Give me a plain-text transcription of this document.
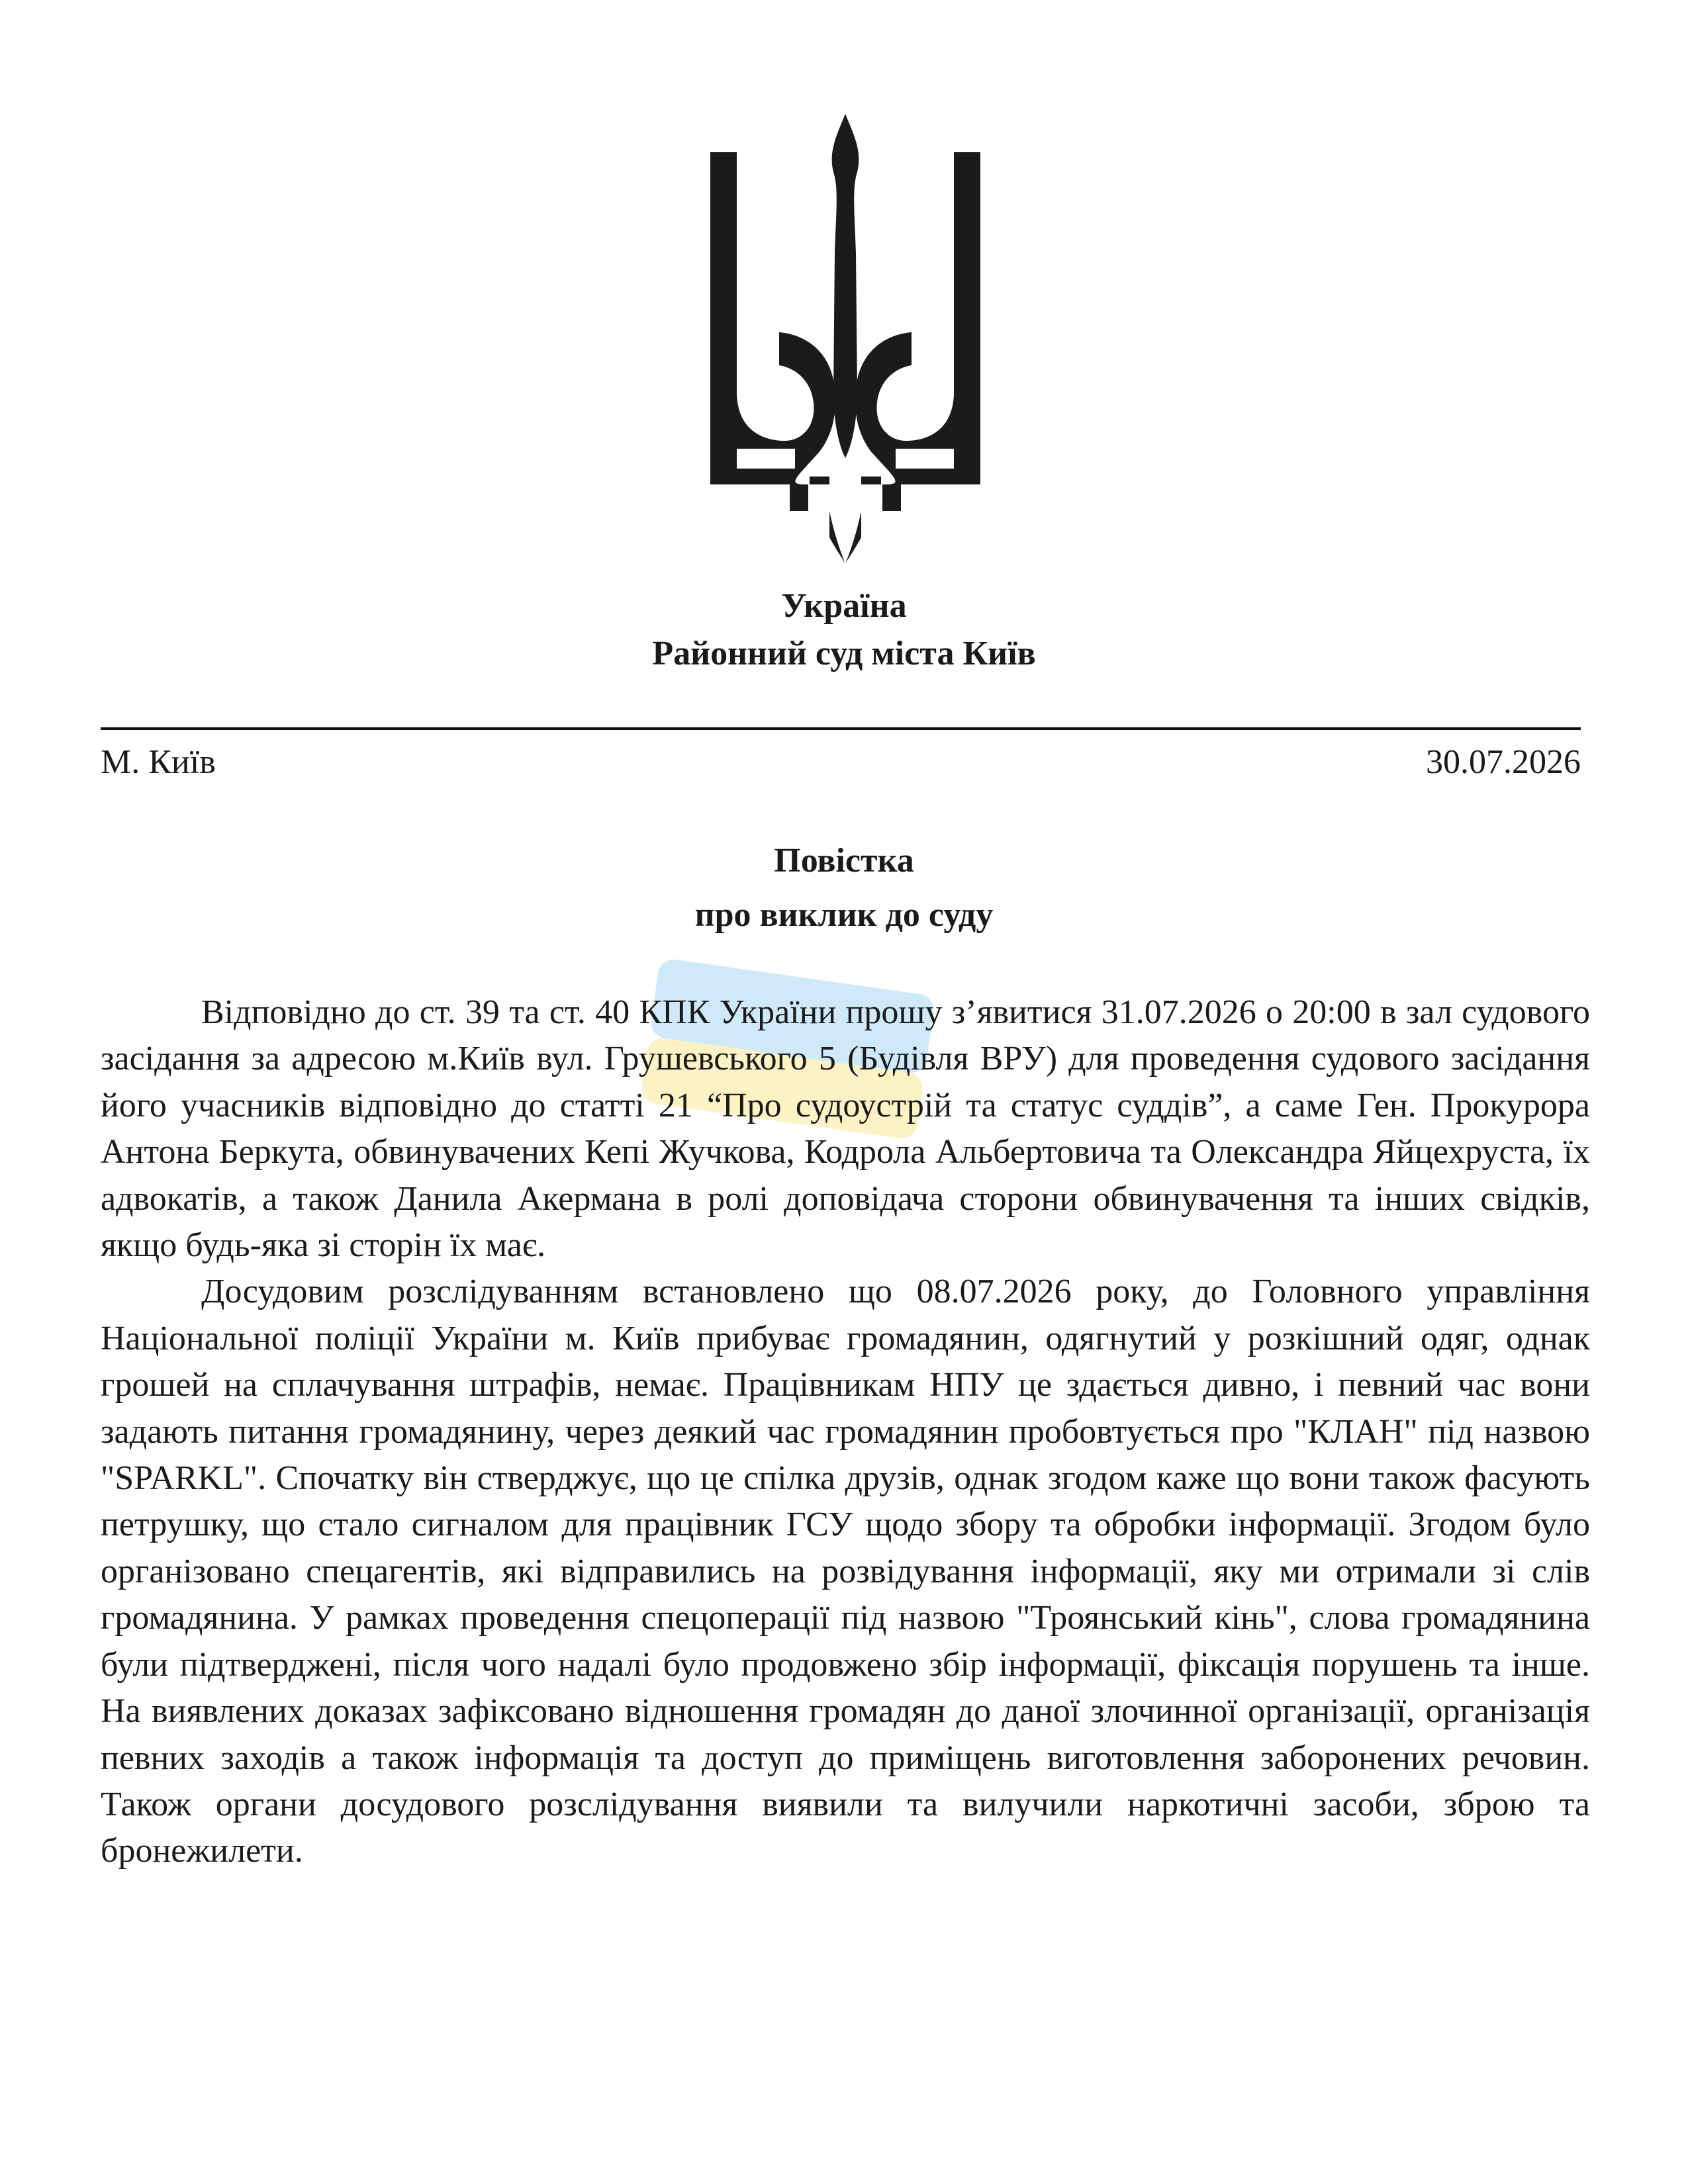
Україна
Районний суд міста Київ
М. Київ	30.07.2026
Повістка
про виклик до суду

Відповідно до ст. 39 та ст. 40 КПК України прошу з’явитися 31.07.2026 о 20:00 в зал судового засідання за адресою м.Київ вул. Грушевського 5 (Будівля ВРУ) для проведення судового засідання його учасників відповідно до статті 21 “Про судоустрій та статус суддів”, а саме Ген. Прокурора Антона Беркута, обвинувачених Кепі Жучкова, Кодрола Альбертовича та Олександра Яйцехруста, їх адвокатів, а також Данила Акермана в ролі доповідача сторони обвинувачення та інших свідків, якщо будь-яка зі сторін їх має.

Досудовим розслідуванням встановлено що 08.07.2026 року, до Головного управління Національної поліції України м. Київ прибуває громадянин, одягнутий у розкішний одяг, однак грошей на сплачування штрафів, немає. Працівникам НПУ це здається дивно, і певний час вони задають питання громадянину, через деякий час громадянин пробовтується про "КЛАН" під назвою "SPARKL". Спочатку він стверджує, що це спілка друзів, однак згодом каже що вони також фасують петрушку, що стало сигналом для працівник ГСУ щодо збору та обробки інформації. Згодом було організовано спецагентів, які відправились на розвідування інформації, яку ми отримали зі слів громадянина. У рамках проведення спецоперації під назвою "Троянський кінь", слова громадянина були підтверджені, після чого надалі було продовжено збір інформації, фіксація порушень та інше. На виявлених доказах зафіксовано відношення громадян до даної злочинної організації, організація певних заходів а також інформація та доступ до приміщень виготовлення заборонених речовин. Також органи досудового розслідування виявили та вилучили наркотичні засоби, зброю та бронежилети.
